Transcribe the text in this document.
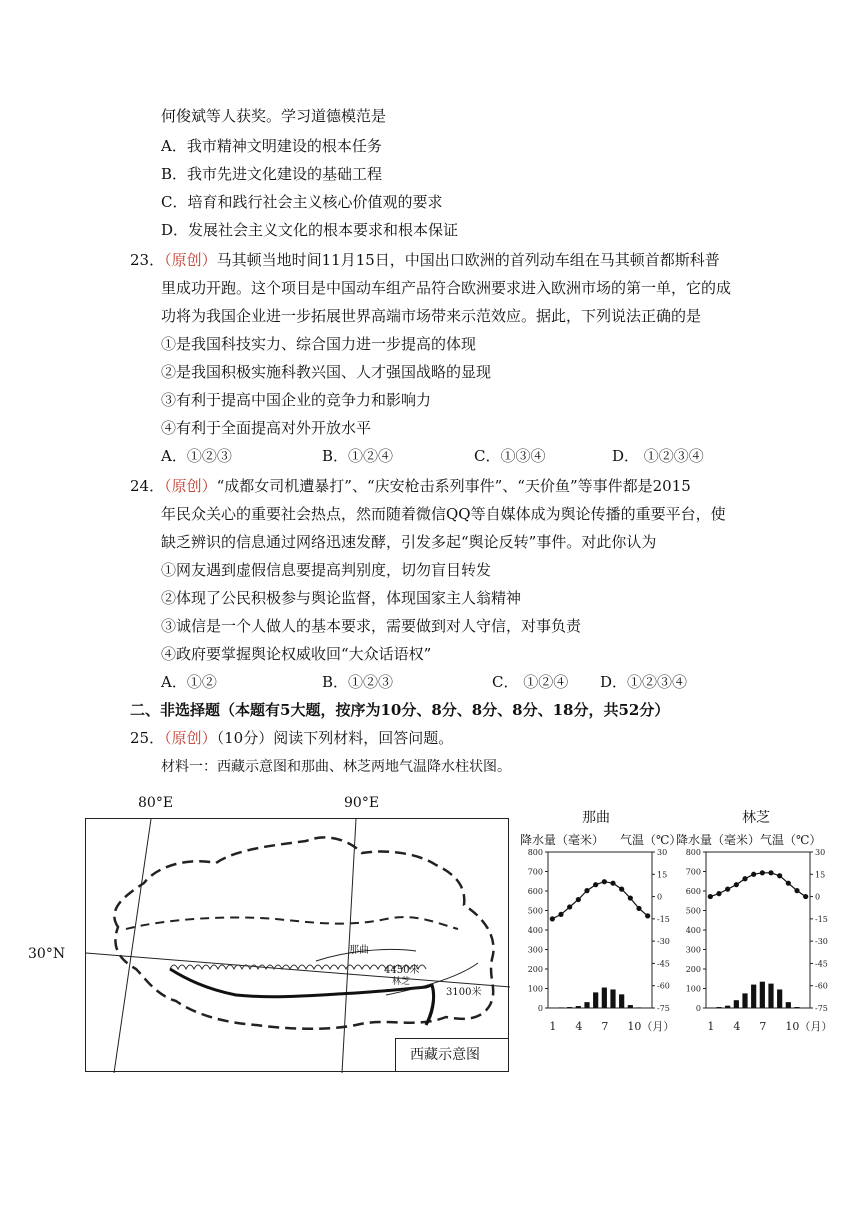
何俊斌等人获奖。学习道德模范是
A．我市精神文明建设的根本任务
B．我市先进文化建设的基础工程
C．培育和践行社会主义核心价值观的要求
D．发展社会主义文化的根本要求和根本保证
23．（原创）马其顿当地时间11月15日，中国出口欧洲的首列动车组在马其顿首都斯科普
里成功开跑。这个项目是中国动车组产品符合欧洲要求进入欧洲市场的第一单，它的成
功将为我国企业进一步拓展世界高端市场带来示范效应。据此，下列说法正确的是
①是我国科技实力、综合国力进一步提高的体现
②是我国积极实施科教兴国、人才强国战略的显现
③有利于提高中国企业的竞争力和影响力
④有利于全面提高对外开放水平
A．①②③	B．①②④	C．①③④	D． ①②③④
24．（原创）“成都女司机遭暴打”、“庆安枪击系列事件”、“天价鱼”等事件都是2015
年民众关心的重要社会热点，然而随着微信QQ等自媒体成为舆论传播的重要平台，使
缺乏辨识的信息通过网络迅速发酵，引发多起“舆论反转”事件。对此你认为
①网友遇到虚假信息要提高判别度，切勿盲目转发
②体现了公民积极参与舆论监督，体现国家主人翁精神
③诚信是一个人做人的基本要求，需要做到对人守信，对事负责
④政府要掌握舆论权威收回“大众话语权”
A．①②	B．①②③	C． ①②④ D．①②③④
二、非选择题（本题有5大题，按序为10分、8分、8分、8分、18分，共52分）
25．（原创）（10分）阅读下列材料，回答问题。
材料一：西藏示意图和那曲、林芝两地气温降水柱状图。
80°E	90°E
30°N	那曲
4450米
林芝
3100米
西藏示意图
那曲	林芝
降水量（毫米） 气温（℃）
降水量（毫米） 气温（℃）
0
100
200
300
400
500
600
700
800	30
15
0
-15
-30
-45
-60
-75
1 4 7 10（月）
0
100
200
300
400
500
600
700
800	30
15
0
-15
-30
-45
-60
-75
1 4 7 10（月）
